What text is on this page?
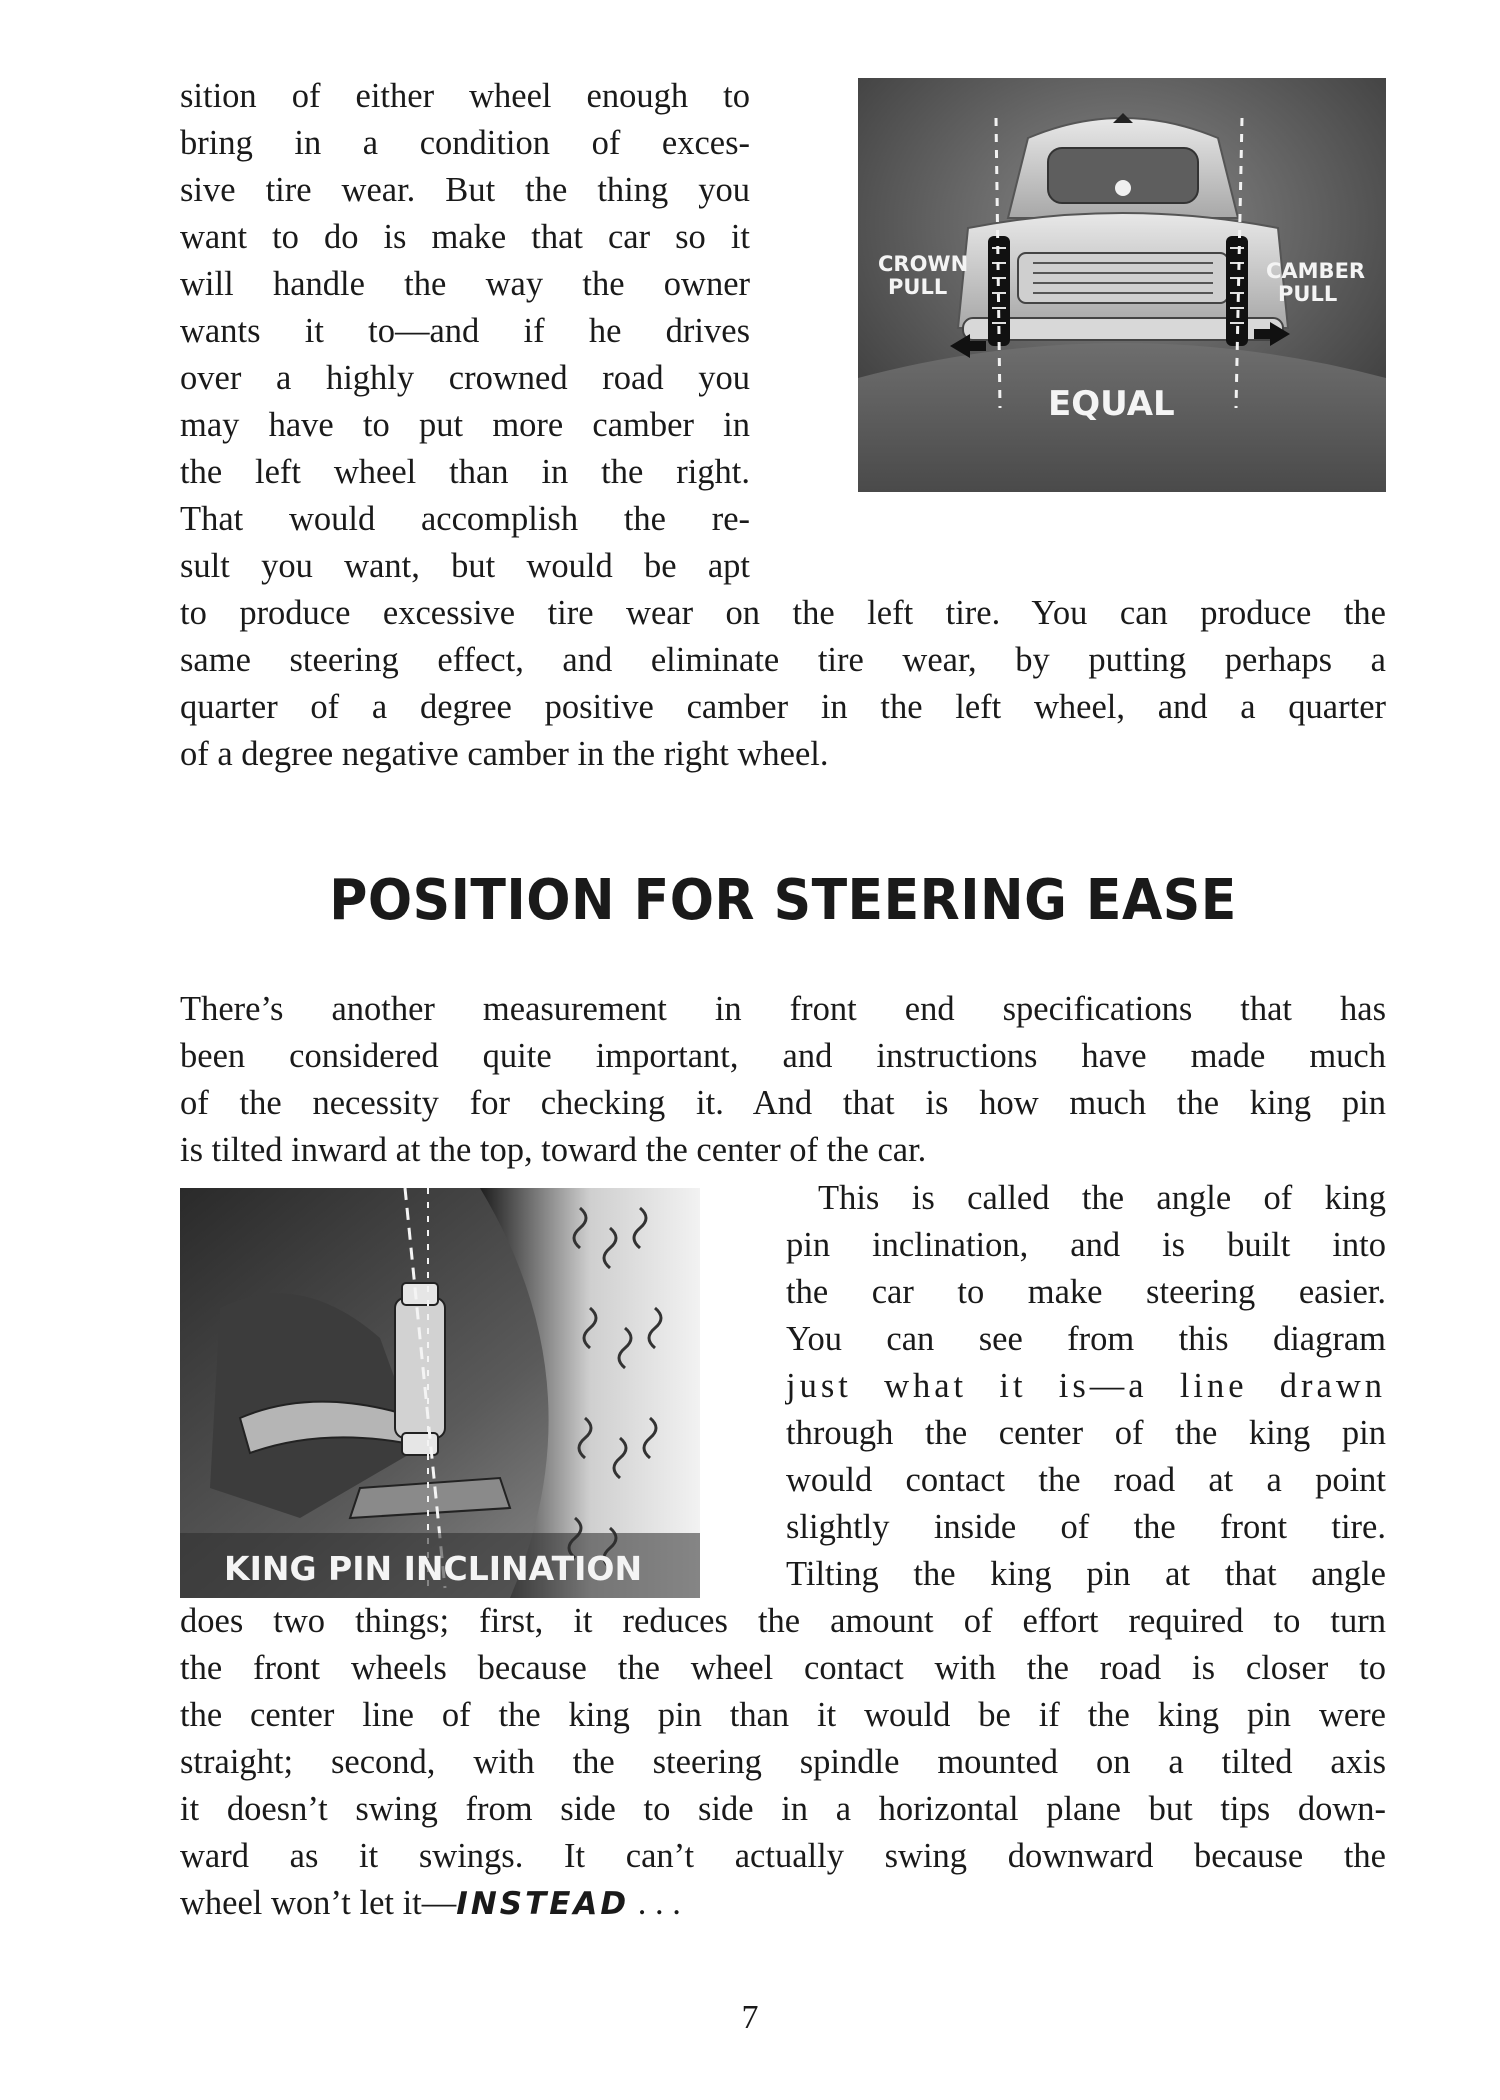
sition of either wheel enough to

bring in a condition of exces-

sive tire wear. But the thing you

want to do is make that car so it

will handle the way the owner

wants it to—and if he drives

over a highly crowned road you

may have to put more camber in

the left wheel than in the right.

That would accomplish the re-

sult you want, but would be apt

CROWN
PULL
CAMBER
PULL
EQUAL

to produce excessive tire wear on the left tire. You can produce the

same steering effect, and eliminate tire wear, by putting perhaps a

quarter of a degree positive camber in the left wheel, and a quarter

of a degree negative camber in the right wheel.

POSITION FOR STEERING EASE

There’s another measurement in front end specifications that has

been considered quite important, and instructions have made much

of the necessity for checking it. And that is how much the king pin

is tilted inward at the top, toward the center of the car.

KING PIN INCLINATION

This is called the angle of king

pin inclination, and is built into

the car to make steering easier.

You can see from this diagram

just what it is—a line drawn

through the center of the king pin

would contact the road at a point

slightly inside of the front tire.

Tilting the king pin at that angle

does two things; first, it reduces the amount of effort required to turn

the front wheels because the wheel contact with the road is closer to

the center line of the king pin than it would be if the king pin were

straight; second, with the steering spindle mounted on a tilted axis

it doesn’t swing from side to side in a horizontal plane but tips down-

ward as it swings. It can’t actually swing downward because the

wheel won’t let it—INSTEAD . . .

7
